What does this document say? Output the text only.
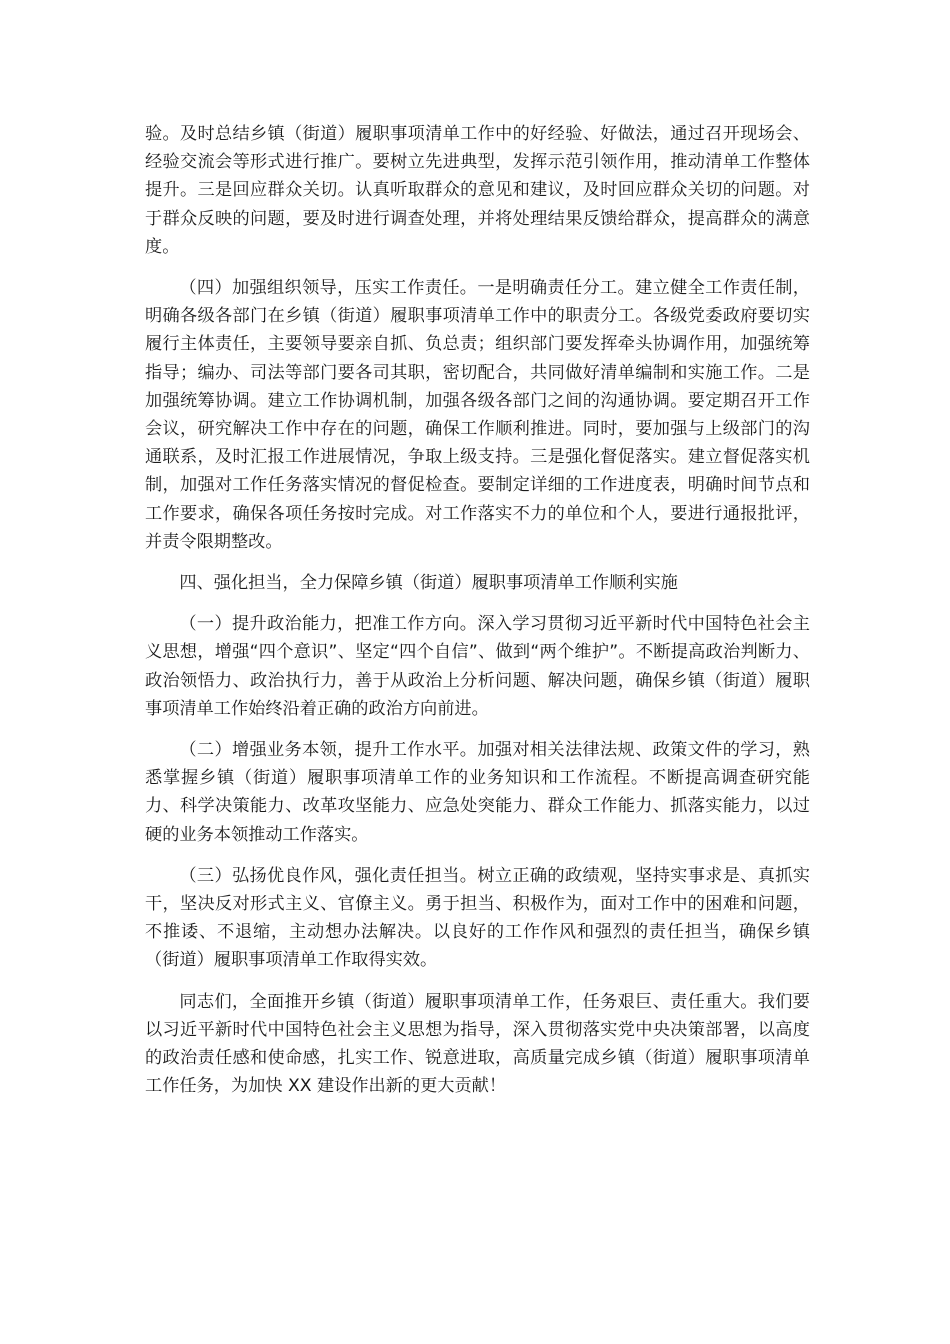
验。及时总结乡镇（街道）履职事项清单工作中的好经验、好做法，通过召开现场会、经验交流会等形式进行推广。要树立先进典型，发挥示范引领作用，推动清单工作整体提升。三是回应群众关切。认真听取群众的意见和建议，及时回应群众关切的问题。对于群众反映的问题，要及时进行调查处理，并将处理结果反馈给群众，提高群众的满意度。

（四）加强组织领导，压实工作责任。一是明确责任分工。建立健全工作责任制，明确各级各部门在乡镇（街道）履职事项清单工作中的职责分工。各级党委政府要切实履行主体责任，主要领导要亲自抓、负总责；组织部门要发挥牵头协调作用，加强统筹指导；编办、司法等部门要各司其职，密切配合，共同做好清单编制和实施工作。二是加强统筹协调。建立工作协调机制，加强各级各部门之间的沟通协调。要定期召开工作会议，研究解决工作中存在的问题，确保工作顺利推进。同时，要加强与上级部门的沟通联系，及时汇报工作进展情况，争取上级支持。三是强化督促落实。建立督促落实机制，加强对工作任务落实情况的督促检查。要制定详细的工作进度表，明确时间节点和工作要求，确保各项任务按时完成。对工作落实不力的单位和个人，要进行通报批评，并责令限期整改。

四、强化担当，全力保障乡镇（街道）履职事项清单工作顺利实施

（一）提升政治能力，把准工作方向。深入学习贯彻习近平新时代中国特色社会主义思想，增强“四个意识”、坚定“四个自信”、做到“两个维护”。不断提高政治判断力、政治领悟力、政治执行力，善于从政治上分析问题、解决问题，确保乡镇（街道）履职事项清单工作始终沿着正确的政治方向前进。

（二）增强业务本领，提升工作水平。加强对相关法律法规、政策文件的学习，熟悉掌握乡镇（街道）履职事项清单工作的业务知识和工作流程。不断提高调查研究能力、科学决策能力、改革攻坚能力、应急处突能力、群众工作能力、抓落实能力，以过硬的业务本领推动工作落实。

（三）弘扬优良作风，强化责任担当。树立正确的政绩观，坚持实事求是、真抓实干，坚决反对形式主义、官僚主义。勇于担当、积极作为，面对工作中的困难和问题，不推诿、不退缩，主动想办法解决。以良好的工作作风和强烈的责任担当，确保乡镇（街道）履职事项清单工作取得实效。

同志们，全面推开乡镇（街道）履职事项清单工作，任务艰巨、责任重大。我们要以习近平新时代中国特色社会主义思想为指导，深入贯彻落实党中央决策部署，以高度的政治责任感和使命感，扎实工作、锐意进取，高质量完成乡镇（街道）履职事项清单工作任务，为加快 XX 建设作出新的更大贡献！
